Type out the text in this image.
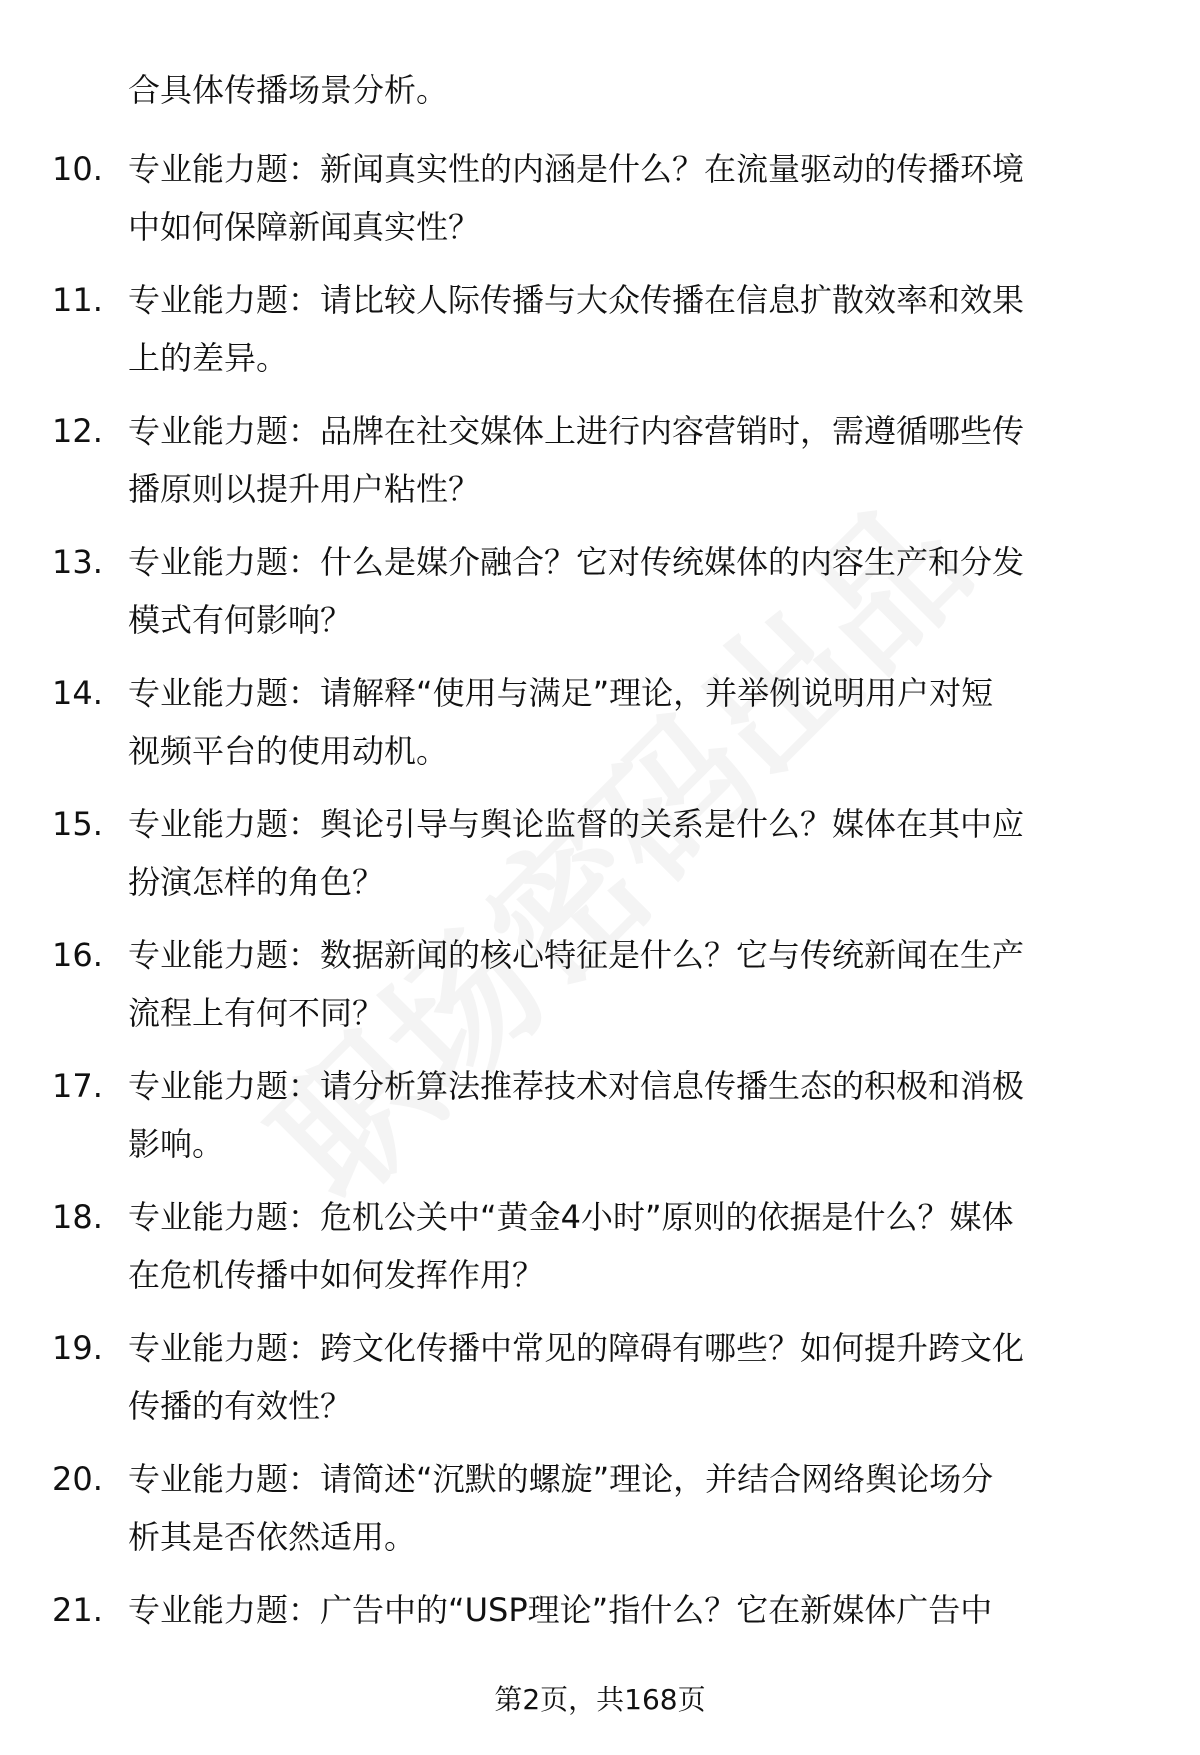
合具体传播场景分析。
10. 专业能力题：新闻真实性的内涵是什么？在流量驱动的传播环境
中如何保障新闻真实性？
11. 专业能力题：请比较人际传播与大众传播在信息扩散效率和效果
上的差异。
12. 专业能力题：品牌在社交媒体上进行内容营销时，需遵循哪些传
播原则以提升用户粘性？
13. 专业能力题：什么是媒介融合？它对传统媒体的内容生产和分发
模式有何影响？
14. 专业能力题：请解释“使用与满足”理论，并举例说明用户对短
视频平台的使用动机。
15. 专业能力题：舆论引导与舆论监督的关系是什么？媒体在其中应
扮演怎样的角色？
16. 专业能力题：数据新闻的核心特征是什么？它与传统新闻在生产
流程上有何不同？
17. 专业能力题：请分析算法推荐技术对信息传播生态的积极和消极
影响。
18. 专业能力题：危机公关中“黄金4小时”原则的依据是什么？媒体
在危机传播中如何发挥作用？
19. 专业能力题：跨文化传播中常见的障碍有哪些？如何提升跨文化
传播的有效性？
20. 专业能力题：请简述“沉默的螺旋”理论，并结合网络舆论场分
析其是否依然适用。
21. 专业能力题：广告中的“USP理论”指什么？它在新媒体广告中
第2页，共168页
